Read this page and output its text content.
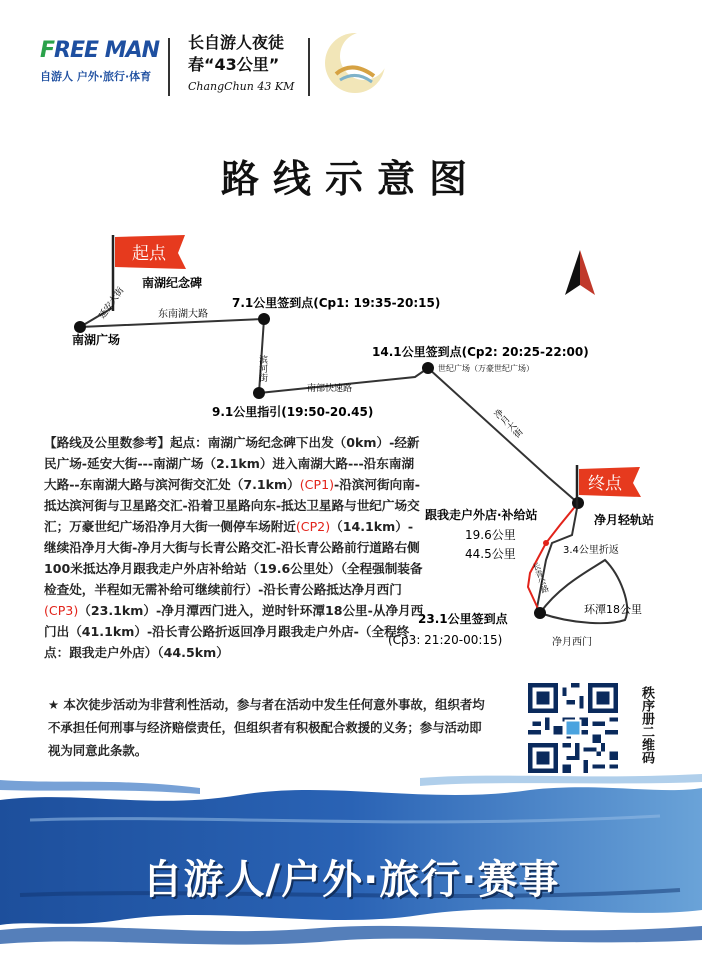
FREE MAN
自游人 户外·旅行·体育
长自游人夜徒
春“43公里”
ChangChun 43 KM
路线示意图
起点
终点
南湖纪念碑
南湖广场
延安大街	东南湖大路
7.1公里签到点(Cp1: 19:35-20:15)
滨河街
南部快速路
9.1公里指引(19:50-20.45)
14.1公里签到点(Cp2: 20:25-22:00)
世纪广场（万豪世纪广场）
净月大街
净月轻轨站
跟我走户外店·补给站
19.6公里
44.5公里	3.4公里折返
长青公路
环潭18公里
23.1公里签到点
(Cp3: 21:20-00:15)	净月西门
【路线及公里数参考】起点：南湖广场纪念碑下出发（0km）-经新民广场-延安大街---南湖广场（2.1km）进入南湖大路---沿东南湖大路--东南湖大路与滨河街交汇处（7.1km）(CP1)-沿滨河街向南-抵达滨河街与卫星路交汇-沿着卫星路向东-抵达卫星路与世纪广场交汇；万豪世纪广场沿净月大街一侧停车场附近(CP2)（14.1km）-继续沿净月大街-净月大街与长青公路交汇-沿长青公路前行道路右侧100米抵达净月跟我走户外店补给站（19.6公里处）（全程强制装备检查处，半程如无需补给可继续前行）-沿长青公路抵达净月西门(CP3)（23.1km）-净月潭西门进入，逆时针环潭18公里-从净月西门出（41.1km）-沿长青公路折返回净月跟我走户外店-（全程终点：跟我走户外店）（44.5km）
★ 本次徒步活动为非营利性活动，参与者在活动中发生任何意外事故，组织者均不承担任何刑事与经济赔偿责任，但组织者有积极配合救援的义务；参与活动即视为同意此条款。	秩序册二维码
自游人/户外·旅行·赛事
